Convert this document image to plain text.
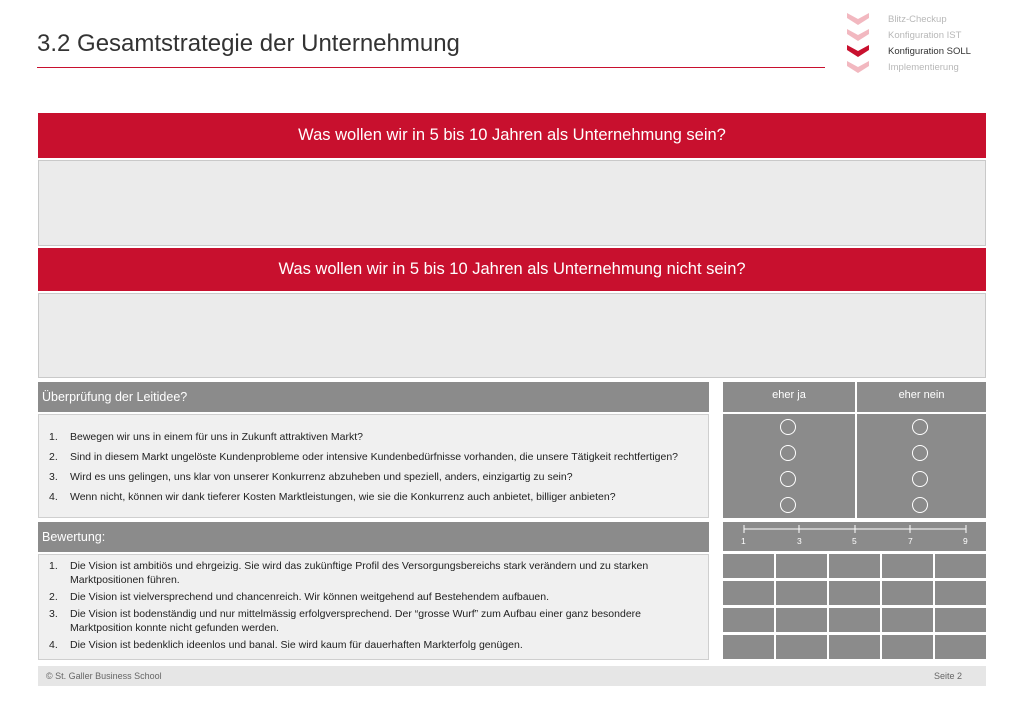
3.2 Gesamtstrategie der Unternehmung
Blitz-Checkup
Konfiguration IST
Konfiguration SOLL
Implementierung
Was wollen wir in 5 bis 10 Jahren als Unternehmung sein?
Was wollen wir in 5 bis 10 Jahren als Unternehmung nicht sein?
Überprüfung der Leitidee?	eher ja	eher nein
1. Bewegen wir uns in einem für uns in Zukunft attraktiven Markt?
2. Sind in diesem Markt ungelöste Kundenprobleme oder intensive Kundenbedürfnisse vorhanden, die unsere Tätigkeit rechtfertigen?
3. Wird es uns gelingen, uns klar von unserer Konkurrenz abzuheben und speziell, anders, einzigartig zu sein?
4. Wenn nicht, können wir dank tieferer Kosten Marktleistungen, wie sie die Konkurrenz auch anbietet, billiger anbieten?
Bewertung:	1	3	5	7	9
1. Die Vision ist ambitiös und ehrgeizig. Sie wird das zukünftige Profil des Versorgungsbereichs stark verändern und zu starken Marktpositionen führen.
2. Die Vision ist vielversprechend und chancenreich. Wir können weitgehend auf Bestehendem aufbauen.
3. Die Vision ist bodenständig und nur mittelmässig erfolgversprechend. Der “grosse Wurf” zum Aufbau einer ganz besondere Marktposition konnte nicht gefunden werden.
4. Die Vision ist bedenklich ideenlos und banal. Sie wird kaum für dauerhaften Markterfolg genügen.
© St. Galler Business School	Seite 2
